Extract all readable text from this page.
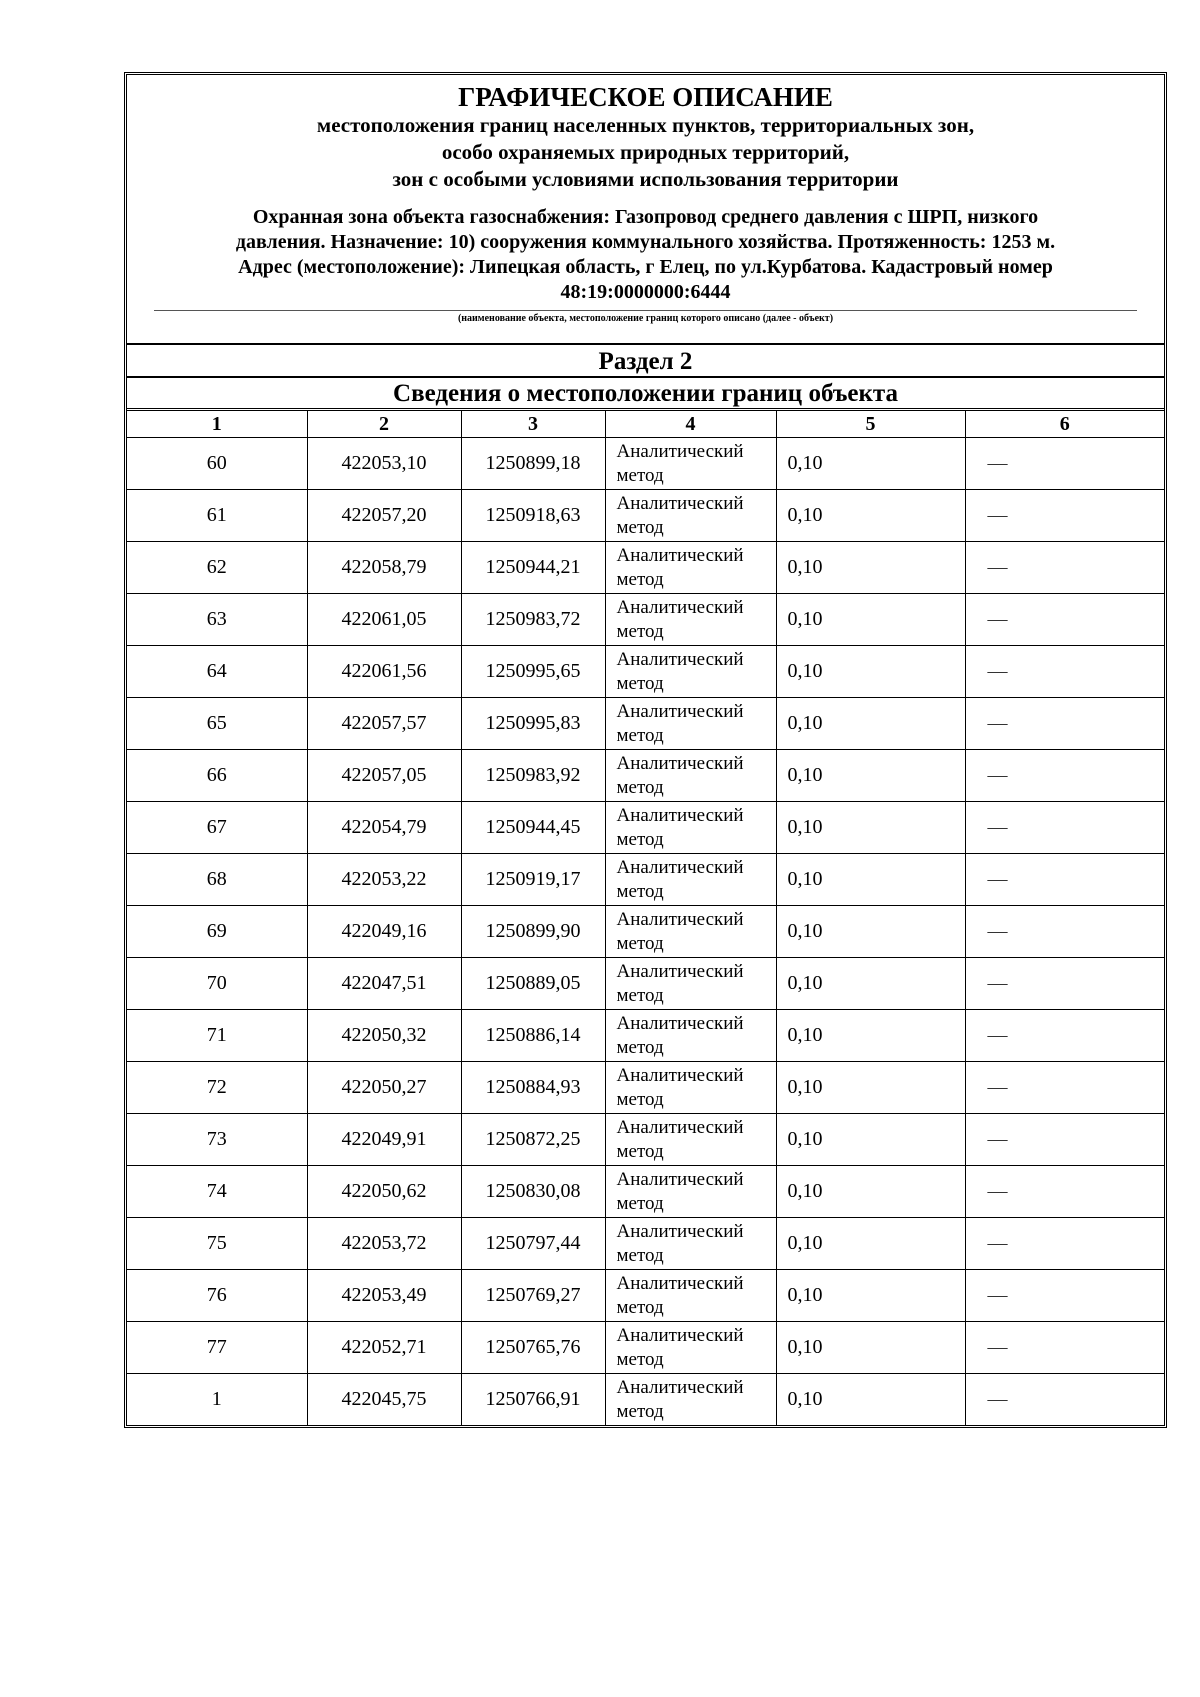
ГРАФИЧЕСКОЕ ОПИСАНИЕ
местоположения границ населенных пунктов, территориальных зон,
особо охраняемых природных территорий,
зон с особыми условиями использования территории
Охранная зона объекта газоснабжения: Газопровод среднего давления с ШРП, низкого
давления. Назначение: 10) сооружения коммунального хозяйства. Протяженность: 1253 м.
Адрес (местоположение): Липецкая область, г Елец, по ул.Курбатова. Кадастровый номер
48:19:0000000:6444
(наименование объекта, местоположение границ которого описано (далее - объект)
Раздел 2
Сведения о местоположении границ объекта
1	2	3	4	5	6
60	422053,10	1250899,18	Аналитический
метод	0,10	—
61	422057,20	1250918,63	Аналитический
метод	0,10	—
62	422058,79	1250944,21	Аналитический
метод	0,10	—
63	422061,05	1250983,72	Аналитический
метод	0,10	—
64	422061,56	1250995,65	Аналитический
метод	0,10	—
65	422057,57	1250995,83	Аналитический
метод	0,10	—
66	422057,05	1250983,92	Аналитический
метод	0,10	—
67	422054,79	1250944,45	Аналитический
метод	0,10	—
68	422053,22	1250919,17	Аналитический
метод	0,10	—
69	422049,16	1250899,90	Аналитический
метод	0,10	—
70	422047,51	1250889,05	Аналитический
метод	0,10	—
71	422050,32	1250886,14	Аналитический
метод	0,10	—
72	422050,27	1250884,93	Аналитический
метод	0,10	—
73	422049,91	1250872,25	Аналитический
метод	0,10	—
74	422050,62	1250830,08	Аналитический
метод	0,10	—
75	422053,72	1250797,44	Аналитический
метод	0,10	—
76	422053,49	1250769,27	Аналитический
метод	0,10	—
77	422052,71	1250765,76	Аналитический
метод	0,10	—
1	422045,75	1250766,91	Аналитический
метод	0,10	—
